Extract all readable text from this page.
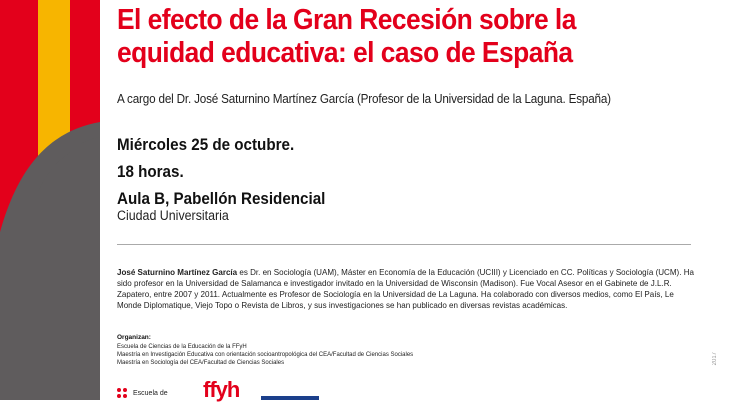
El efecto de la Gran Recesión sobre la
equidad educativa: el caso de España
A cargo del Dr. José Saturnino Martínez García (Profesor de la Universidad de la Laguna. España)
Miércoles 25 de octubre.
18 horas.
Aula B, Pabellón Residencial
Ciudad Universitaria
José Saturnino Martínez García es Dr. en Sociología (UAM), Máster en Economía de la Educación (UCIII) y Licenciado en CC. Políticas y Sociología (UCM). Ha sido profesor en la Universidad de Salamanca e investigador invitado en la Universidad de Wisconsin (Madison). Fue Vocal Asesor en el Gabinete de J.L.R. Zapatero, entre 2007 y 2011. Actualmente es Profesor de Sociología en la Universidad de La Laguna. Ha colaborado con diversos medios, como El País, Le Monde Diplomatique, Viejo Topo o Revista de Libros, y sus investigaciones se han publicado en diversas revistas académicas.
Organizan:
Escuela de Ciencias de la Educación de la FFyH
Maestría en Investigación Educativa con orientación socioantropológica del CEA/Facultad de Ciencias Sociales
Maestría en Sociología del CEA/Facultad de Ciencias Sociales
Escuela de ffyh
2017
